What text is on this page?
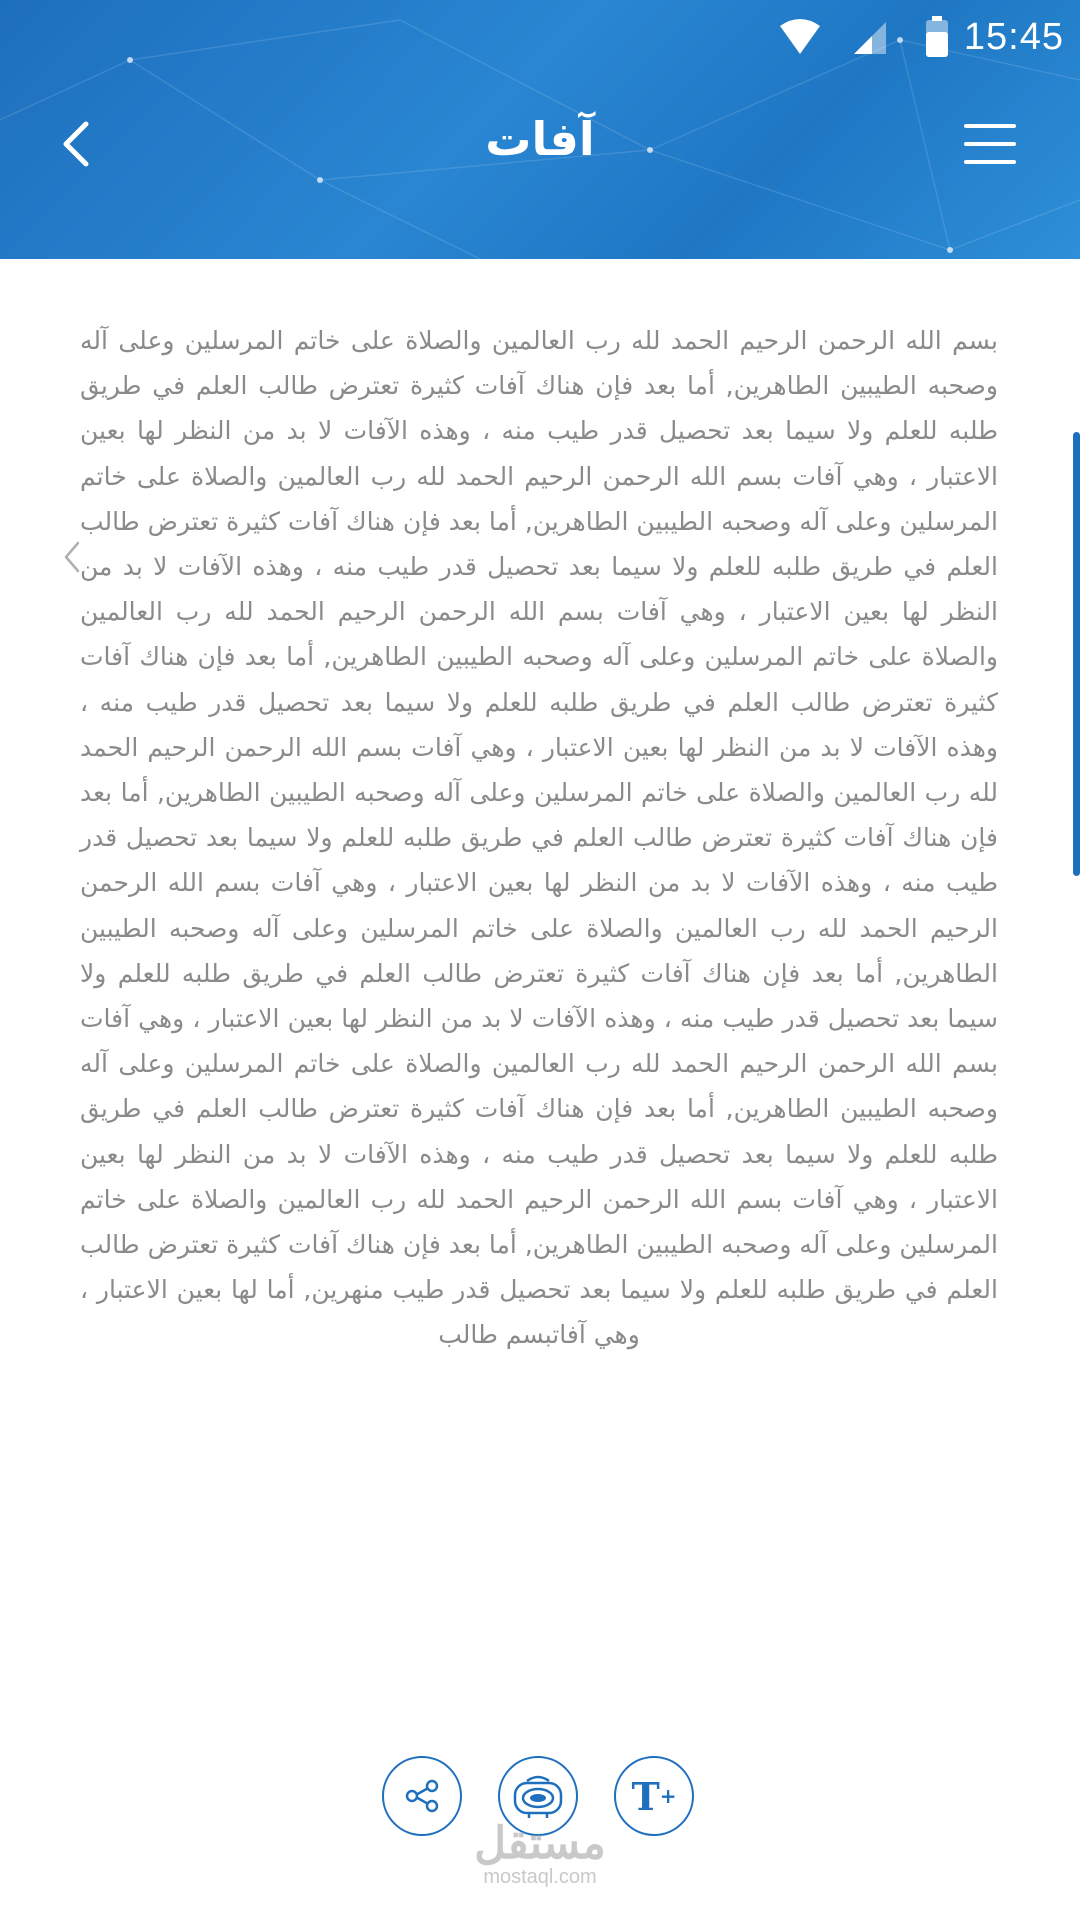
15:45
آفات
بسم الله الرحمن الرحيم الحمد لله رب العالمين والصلاة على خاتم المرسلين وعلى آله وصحبه الطيبين الطاهرين, أما بعد فإن هناك آفات كثيرة تعترض طالب العلم في طريق طلبه للعلم ولا سيما بعد تحصيل قدر طيب منه ، وهذه الآفات لا بد من النظر لها بعين الاعتبار ، وهي آفات بسم الله الرحمن الرحيم الحمد لله رب العالمين والصلاة على خاتم المرسلين وعلى آله وصحبه الطيبين الطاهرين, أما بعد فإن هناك آفات كثيرة تعترض طالب العلم في طريق طلبه للعلم ولا سيما بعد تحصيل قدر طيب منه ، وهذه الآفات لا بد من النظر لها بعين الاعتبار ، وهي آفات بسم الله الرحمن الرحيم الحمد لله رب العالمين والصلاة على خاتم المرسلين وعلى آله وصحبه الطيبين الطاهرين, أما بعد فإن هناك آفات كثيرة تعترض طالب العلم في طريق طلبه للعلم ولا سيما بعد تحصيل قدر طيب منه ، وهذه الآفات لا بد من النظر لها بعين الاعتبار ، وهي آفات بسم الله الرحمن الرحيم الحمد لله رب العالمين والصلاة على خاتم المرسلين وعلى آله وصحبه الطيبين الطاهرين, أما بعد فإن هناك آفات كثيرة تعترض طالب العلم في طريق طلبه للعلم ولا سيما بعد تحصيل قدر طيب منه ، وهذه الآفات لا بد من النظر لها بعين الاعتبار ، وهي آفات بسم الله الرحمن الرحيم الحمد لله رب العالمين والصلاة على خاتم المرسلين وعلى آله وصحبه الطيبين الطاهرين, أما بعد فإن هناك آفات كثيرة تعترض طالب العلم في طريق طلبه للعلم ولا سيما بعد تحصيل قدر طيب منه ، وهذه الآفات لا بد من النظر لها بعين الاعتبار ، وهي آفات بسم الله الرحمن الرحيم الحمد لله رب العالمين والصلاة على خاتم المرسلين وعلى آله وصحبه الطيبين الطاهرين, أما بعد فإن هناك آفات كثيرة تعترض طالب العلم في طريق طلبه للعلم ولا سيما بعد تحصيل قدر طيب منه ، وهذه الآفات لا بد من النظر لها بعين الاعتبار ، وهي آفات بسم الله الرحمن الرحيم الحمد لله رب العالمين والصلاة على خاتم المرسلين وعلى آله وصحبه الطيبين الطاهرين, أما بعد فإن هناك آفات كثيرة تعترض طالب العلم في طريق طلبه للعلم ولا سيما بعد تحصيل قدر طيب منهرين, أما لها بعين الاعتبار ، وهي آفاتبسم طالب
T +
مستقل
mostaql.com
